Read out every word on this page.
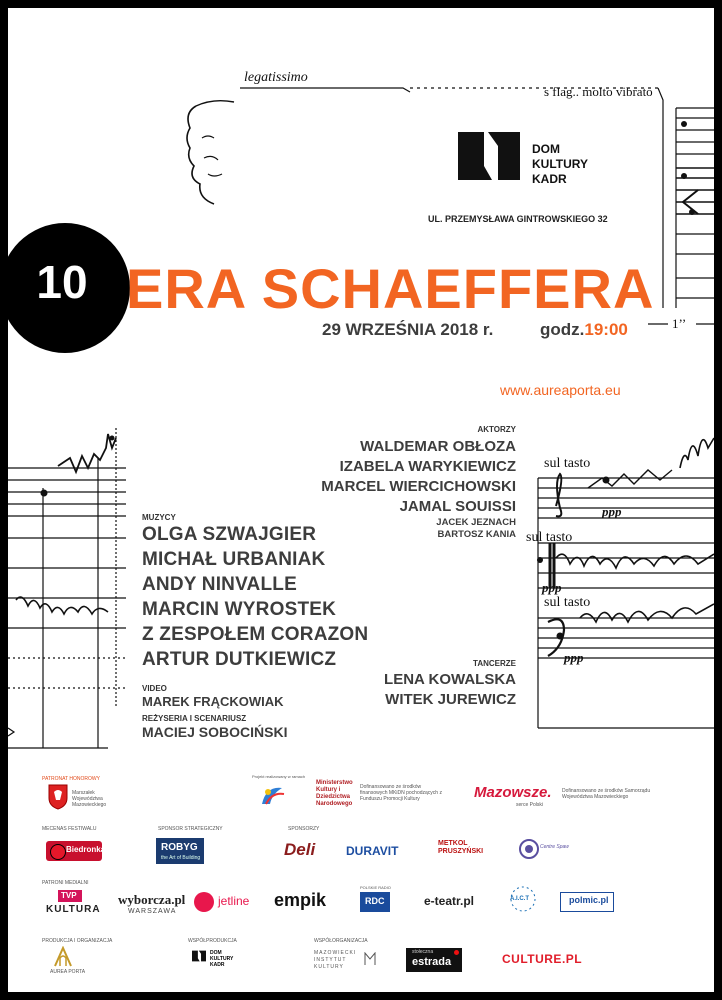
legatissimo
s flag.. molto vibrato
sul tasto
sul tasto
sul tasto
ppp
ppp
ppp
1’’
DOM
KULTURY
KADR
UL. PRZEMYSŁAWA GINTROWSKIEGO 32
10 ERA SCHAEFFERA
29 WRZEŚNIA 2018 r.	godz.19:00
www.aureaporta.eu
AKTORZY
WALDEMAR OBŁOZA
IZABELA WARYKIEWICZ
MARCEL WIERCICHOWSKI
JAMAL SOUISSI
JACEK JEZNACH
BARTOSZ KANIA
MUZYCY
OLGA SZWAJGIER
MICHAŁ URBANIAK
ANDY NINVALLE
MARCIN WYROSTEK
Z ZESPOŁEM CORAZON
ARTUR DUTKIEWICZ	TANCERZE
LENA KOWALSKA
WITEK JUREWICZ
VIDEO
MAREK FRĄCKOWIAK
REŻYSERIA I SCENARIUSZ
MACIEJ SOBOCIŃSKI
PATRONAT HONOROWY
Marszałek Województwa Mazowieckiego
Projekt realizowany w ramach
Ministerstwo Kultury i Dziedzictwa Narodowego
Dofinansowano ze środków finansowych MKiDN pochodzących z Funduszu Promocji Kultury	Mazowsze.
serce Polski
Dofinansowano ze środków Samorządu Województwa Mazowieckiego
MECENAS FESTIWALU
Biedronka
SPONSOR STRATEGICZNY
ROBYG
the Art of Building
SPONSORZY
Deli	DURAVIT
METKOL PRUSZYŃSKI
Centre Spaw
PATRONI MEDIALNI
TVP
KULTURA
wyborcza.pl
WARSZAWA
jetline empik
POLSKIE RADIO
RDC	e-teatr.pl	A.I.C.T	polmic.pl
PRODUKCJA I ORGANIZACJA
AUREA PORTA
WSPÓŁPRODUKCJA
DOM
KULTURY
KADR
WSPÓŁORGANIZACJA
MAZOWIECKI INSTYTUT KULTURY
stołeczna
estrada	CULTURE.PL
